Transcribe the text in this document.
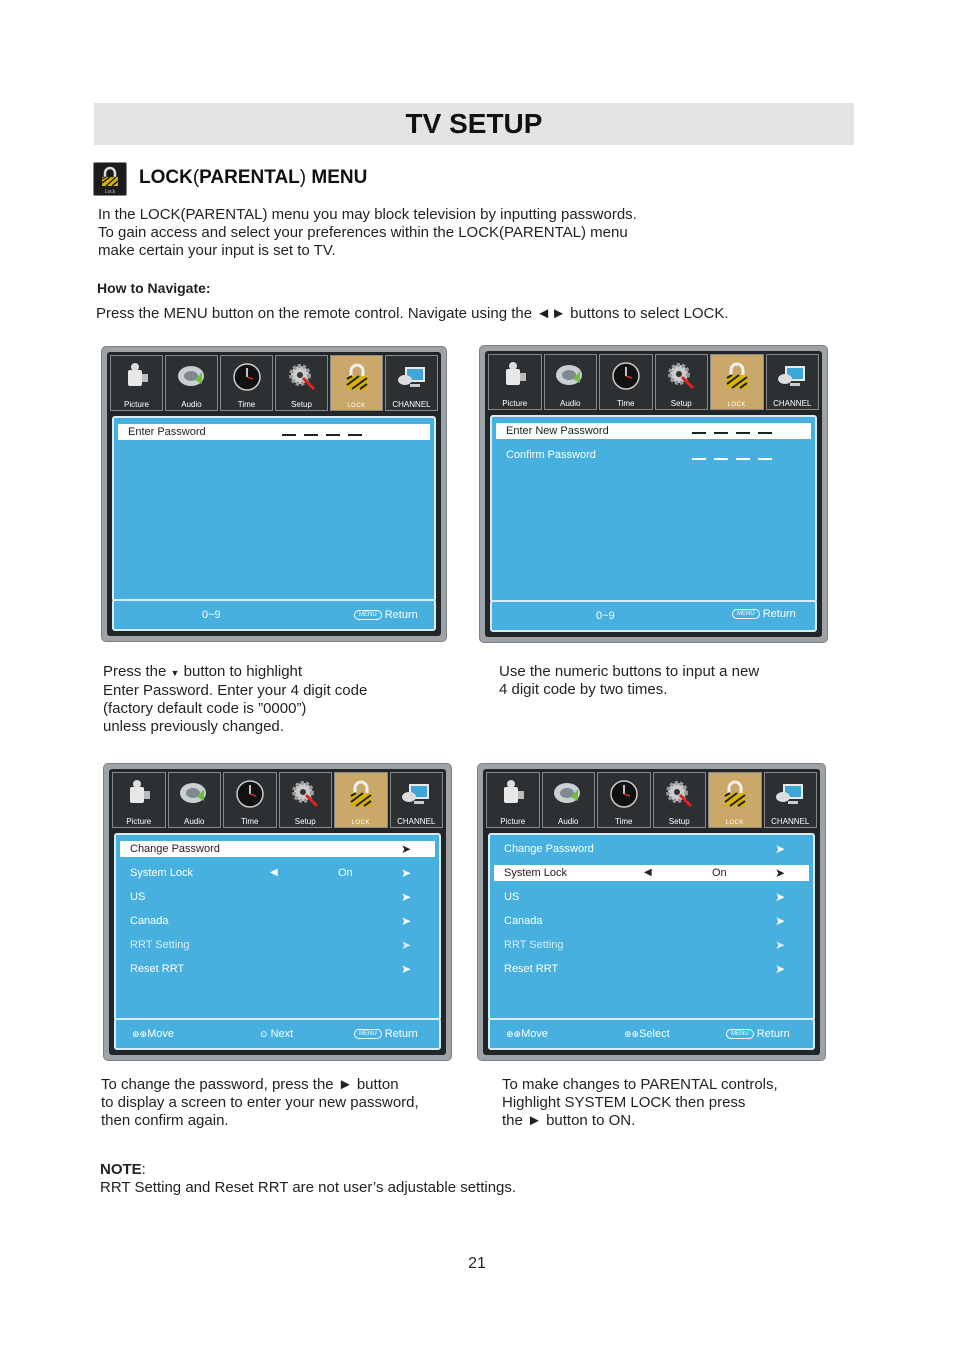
TV SETUP
Lock
LOCK(PARENTAL) MENU
In the LOCK(PARENTAL) menu you may block television by inputting passwords.
To gain access and select your preferences within the LOCK(PARENTAL) menu
make certain your input is set to TV.
How to Navigate:
Press the MENU button on the remote control. Navigate using the ◄► buttons to select LOCK.
Picture	Audio	Time	Setup	LOCK	CHANNEL
Enter Password
0~9	MENU Return
Picture	Audio	Time	Setup	LOCK	CHANNEL
Enter New Password
Confirm Password
0~9	MENU Return
Press the ▼ button to highlight
Enter Password. Enter your 4 digit code
(factory default code is ”0000”)
unless previously changed.
Use the numeric buttons to input a new
4 digit code by two times.
Picture	Audio	Time	Setup	LOCK	CHANNEL
Change Password	➤
System Lock	◀	On	➤
US	➤
Canada	➤
RRT Setting	➤
Reset RRT	➤
⊕⊕Move	⊙ Next	MENU Return
Picture	Audio	Time	Setup	LOCK	CHANNEL
Change Password	➤
System Lock	◀	On	➤
US	➤
Canada	➤
RRT Setting	➤
Reset RRT	➤
⊕⊕Move	⊕⊕Select	MENU Return
To change the password, press the ► button
to display a screen to enter your new password,
then confirm again.
To make changes to PARENTAL controls,
Highlight SYSTEM LOCK then press
the ► button to ON.
NOTE:
RRT Setting and Reset RRT are not user’s adjustable settings.
21
